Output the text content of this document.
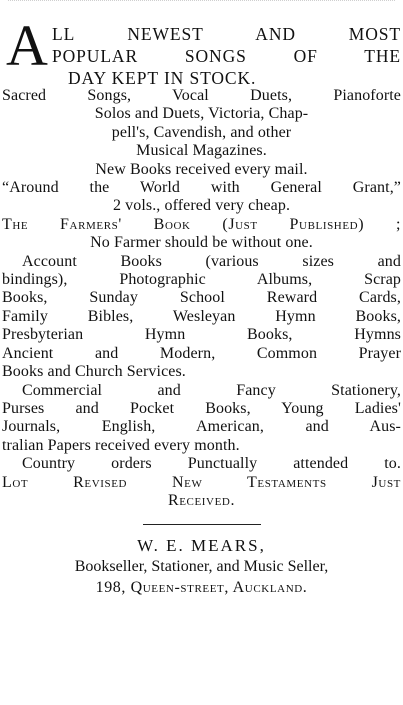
A LL NEWEST AND MOST
POPULAR SONGS OF THE
DAY KEPT IN STOCK.
Sacred Songs, Vocal Duets, Pianoforte
Solos and Duets, Victoria, Chap-
pell's, Cavendish, and other
Musical Magazines.
New Books received every mail.
“Around the World with General Grant,”
2 vols., offered very cheap.
The Farmers' Book (Just Published) ;
No Farmer should be without one.
Account Books (various sizes and
bindings), Photographic Albums, Scrap
Books, Sunday School Reward Cards,
Family Bibles, Wesleyan Hymn Books,
Presbyterian Hymn Books, Hymns
Ancient and Modern, Common Prayer
Books and Church Services.
Commercial and Fancy Stationery,
Purses and Pocket Books, Young Ladies'
Journals, English, American, and Aus-
tralian Papers received every month.
Country orders Punctually attended to.
Lot Revised New Testaments Just
Received.
W. E. MEARS,
Bookseller, Stationer, and Music Seller,
198, Queen-street, Auckland.
